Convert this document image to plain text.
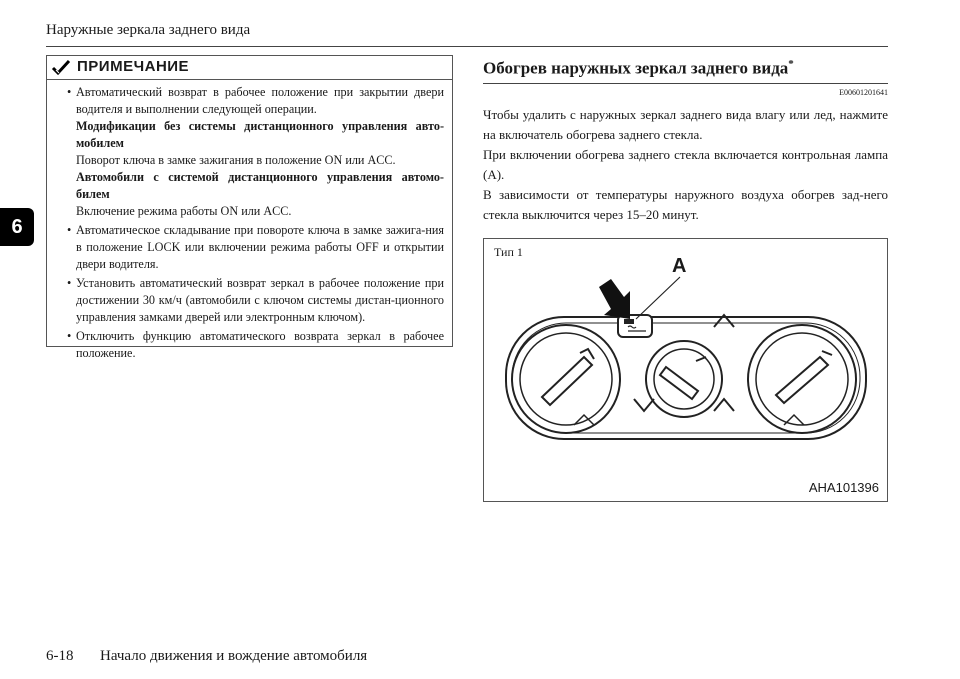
Наружные зеркала заднего вида
6
ПРИМЕЧАНИЕ
• Автоматический возврат в рабочее положение при закрытии двери водителя и выполнении следующей операции.
Модификации без системы дистанционного управления авто-мобилем
Поворот ключа в замке зажигания в положение ON или ACC.
Автомобили с системой дистанционного управления автомо-билем
Включение режима работы ON или ACC.
• Автоматическое складывание при повороте ключа в замке зажига-ния в положение LOCK или включении режима работы OFF и открытии двери водителя.
• Установить автоматический возврат зеркал в рабочее положение при достижении 30 км/ч (автомобили с ключом системы дистан-ционного управления замками дверей или электронным ключом).
• Отключить функцию автоматического возврата зеркал в рабочее положение.
Обогрев наружных зеркал заднего вида*
E00601201641

Чтобы удалить с наружных зеркал заднего вида влагу или лед, нажмите на включатель обогрева заднего стекла.

При включении обогрева заднего стекла включается контрольная лампа (A).

В зависимости от температуры наружного воздуха обогрев зад-него стекла выключится через 15–20 минут.

Тип 1
A
AHA101396
6-18 Начало движения и вождение автомобиля
